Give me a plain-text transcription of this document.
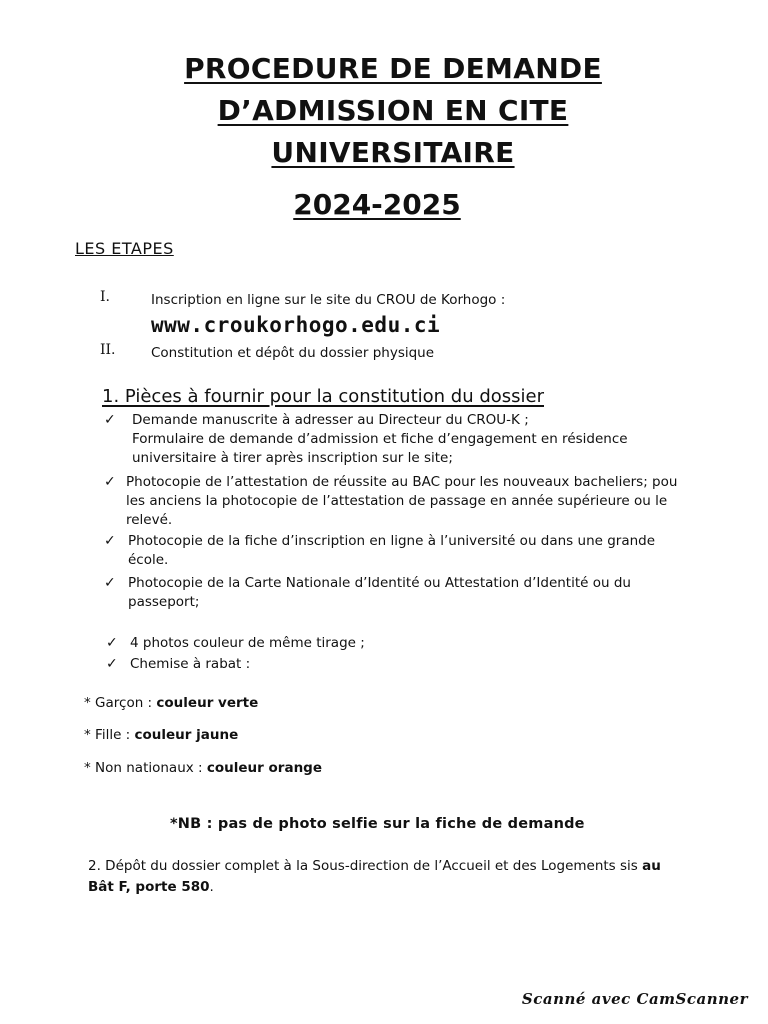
PROCEDURE DE DEMANDE
D’ADMISSION EN CITE
UNIVERSITAIRE
2024-2025
LES ETAPES
I.	Inscription en ligne sur le site du CROU de Korhogo :
www.croukorhogo.edu.ci
II.	Constitution et dépôt du dossier physique
1. Pièces à fournir pour la constitution du dossier
✓	Demande manuscrite à adresser au Directeur du CROU-K ;
Formulaire de demande d’admission et fiche d’engagement en résidence
universitaire à tirer après inscription sur le site;
✓ Photocopie de l’attestation de réussite au BAC pour les nouveaux bacheliers; pou
les anciens la photocopie de l’attestation de passage en année supérieure ou le
relevé.
✓ Photocopie de la fiche d’inscription en ligne à l’université ou dans une grande
école.
✓ Photocopie de la Carte Nationale d’Identité ou Attestation d’Identité ou du
passeport;
✓ 4 photos couleur de même tirage ;
✓ Chemise à rabat :
* Garçon : couleur verte
* Fille : couleur jaune
* Non nationaux : couleur orange
*NB : pas de photo selfie sur la fiche de demande
2. Dépôt du dossier complet à la Sous-direction de l’Accueil et des Logements sis au
Bât F, porte 580.
Scanné avec CamScanner
